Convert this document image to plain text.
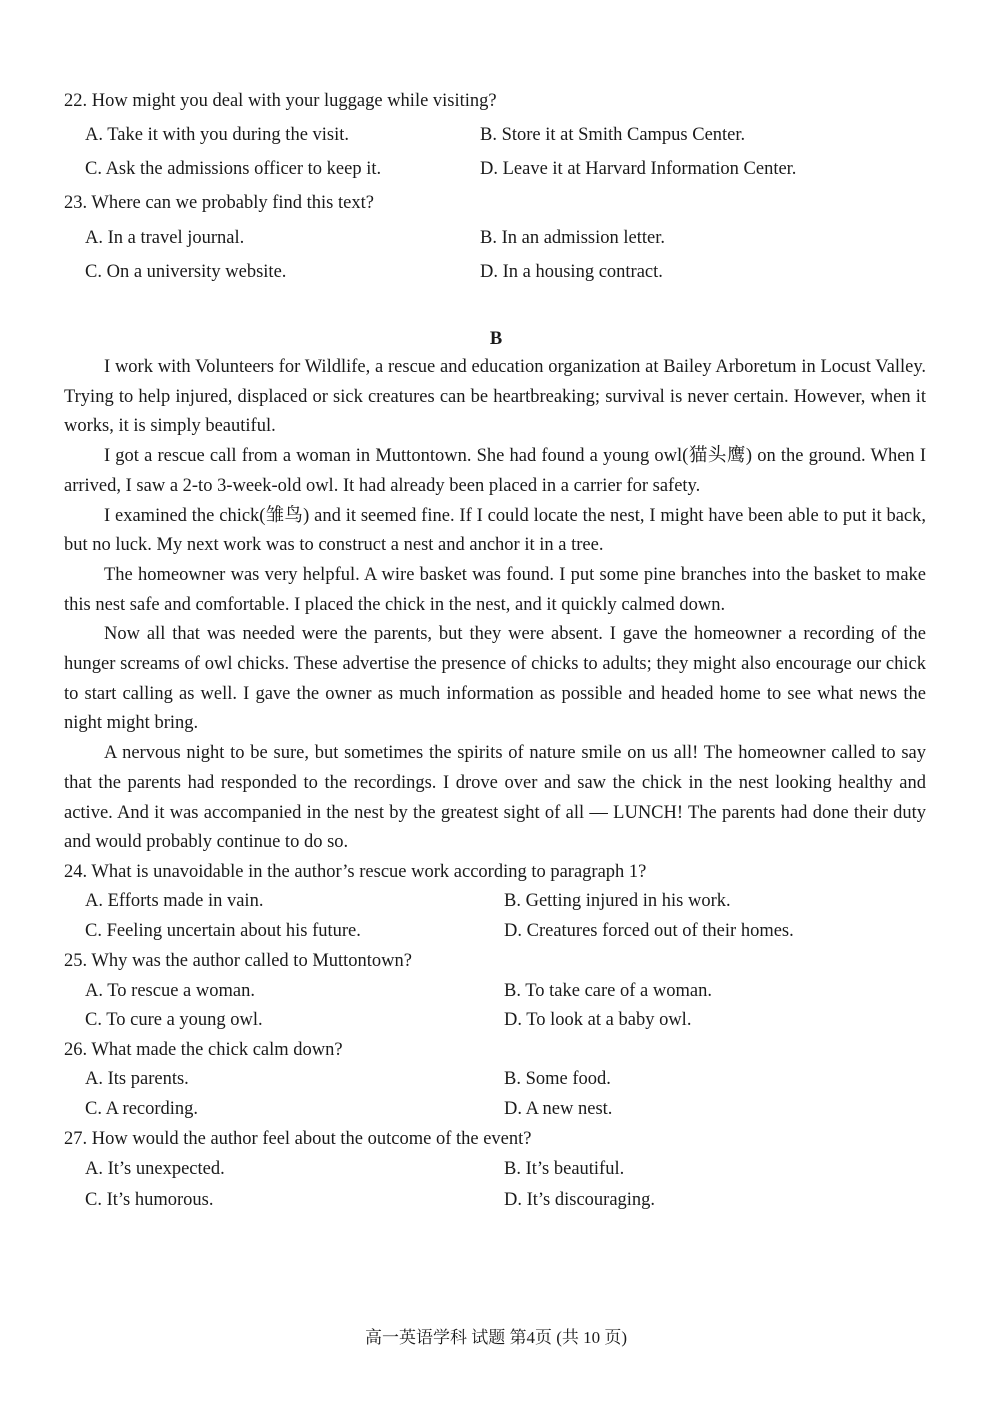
22. How might you deal with your luggage while visiting?
A. Take it with you during the visit.	B. Store it at Smith Campus Center.
C. Ask the admissions officer to keep it.	D. Leave it at Harvard Information Center.
23. Where can we probably find this text?
A. In a travel journal.	B. In an admission letter.
C. On a university website.	D. In a housing contract.
B

I work with Volunteers for Wildlife, a rescue and education organization at Bailey Arboretum in Locust Valley. Trying to help injured, displaced or sick creatures can be heartbreaking; survival is never certain. However, when it works, it is simply beautiful.

I got a rescue call from a woman in Muttontown. She had found a young owl(猫头鹰) on the ground. When I arrived, I saw a 2-to 3-week-old owl. It had already been placed in a carrier for safety.

I examined the chick(雏鸟) and it seemed fine. If I could locate the nest, I might have been able to put it back, but no luck. My next work was to construct a nest and anchor it in a tree.

The homeowner was very helpful. A wire basket was found. I put some pine branches into the basket to make this nest safe and comfortable. I placed the chick in the nest, and it quickly calmed down.

Now all that was needed were the parents, but they were absent. I gave the homeowner a recording of the hunger screams of owl chicks. These advertise the presence of chicks to adults; they might also encourage our chick to start calling as well. I gave the owner as much information as possible and headed home to see what news the night might bring.

A nervous night to be sure, but sometimes the spirits of nature smile on us all! The homeowner called to say that the parents had responded to the recordings. I drove over and saw the chick in the nest looking healthy and active. And it was accompanied in the nest by the greatest sight of all — LUNCH! The parents had done their duty and would probably continue to do so.

24. What is unavoidable in the author’s rescue work according to paragraph 1?
A. Efforts made in vain.	B. Getting injured in his work.
C. Feeling uncertain about his future.	D. Creatures forced out of their homes.
25. Why was the author called to Muttontown?
A. To rescue a woman.	B. To take care of a woman.
C. To cure a young owl.	D. To look at a baby owl.
26. What made the chick calm down?
A. Its parents.	B. Some food.
C. A recording.	D. A new nest.
27. How would the author feel about the outcome of the event?
A. It’s unexpected.	B. It’s beautiful.
C. It’s humorous.	D. It’s discouraging.
高一英语学科 试题 第4页 (共 10 页)
